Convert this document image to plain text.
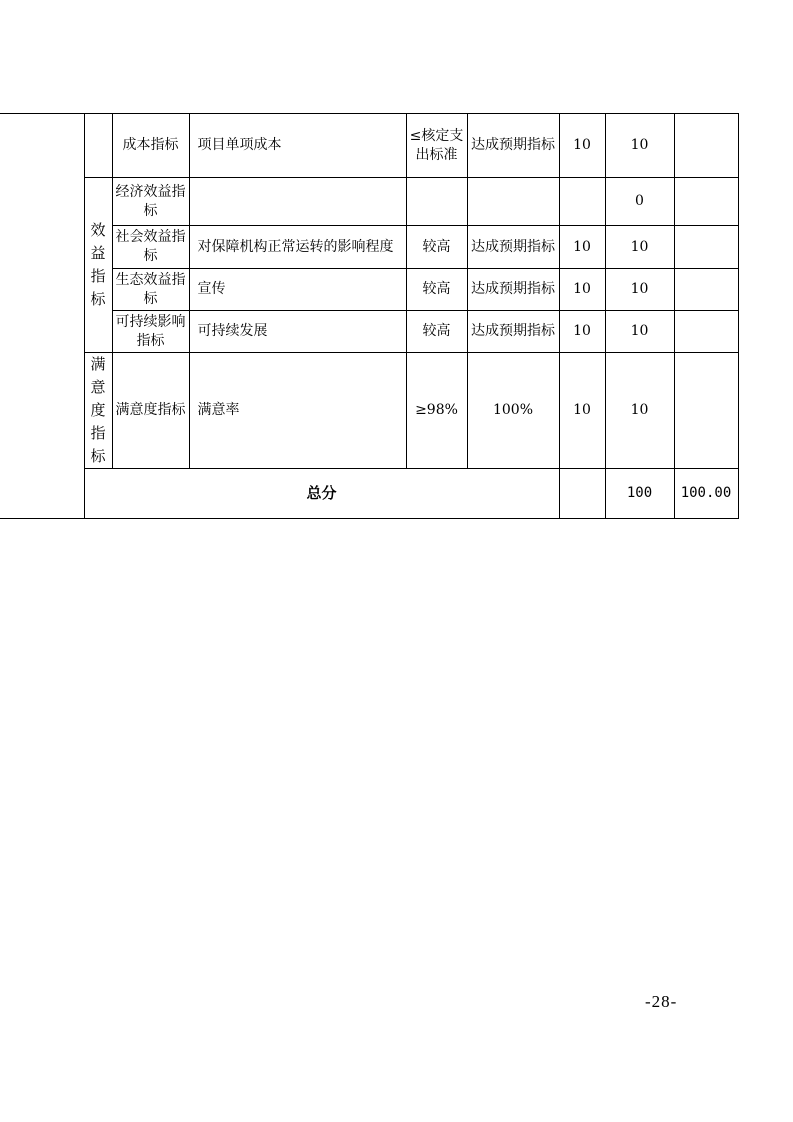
		成本指标	项目单项成本	≤核定支出标准	达成预期指标	10	10		

	效益指标	经济效益指标					0		
		社会效益指标	对保障机构正常运转的影响程度	较高	达成预期指标	10	10		
		生态效益指标	宣传	较高	达成预期指标	10	10		
		可持续影响指标	可持续发展	较高	达成预期指标	10	10		

	满意度指标	满意度指标	满意率	≥98%	100%	10	10		
	总分						100	100.00	
-28-
